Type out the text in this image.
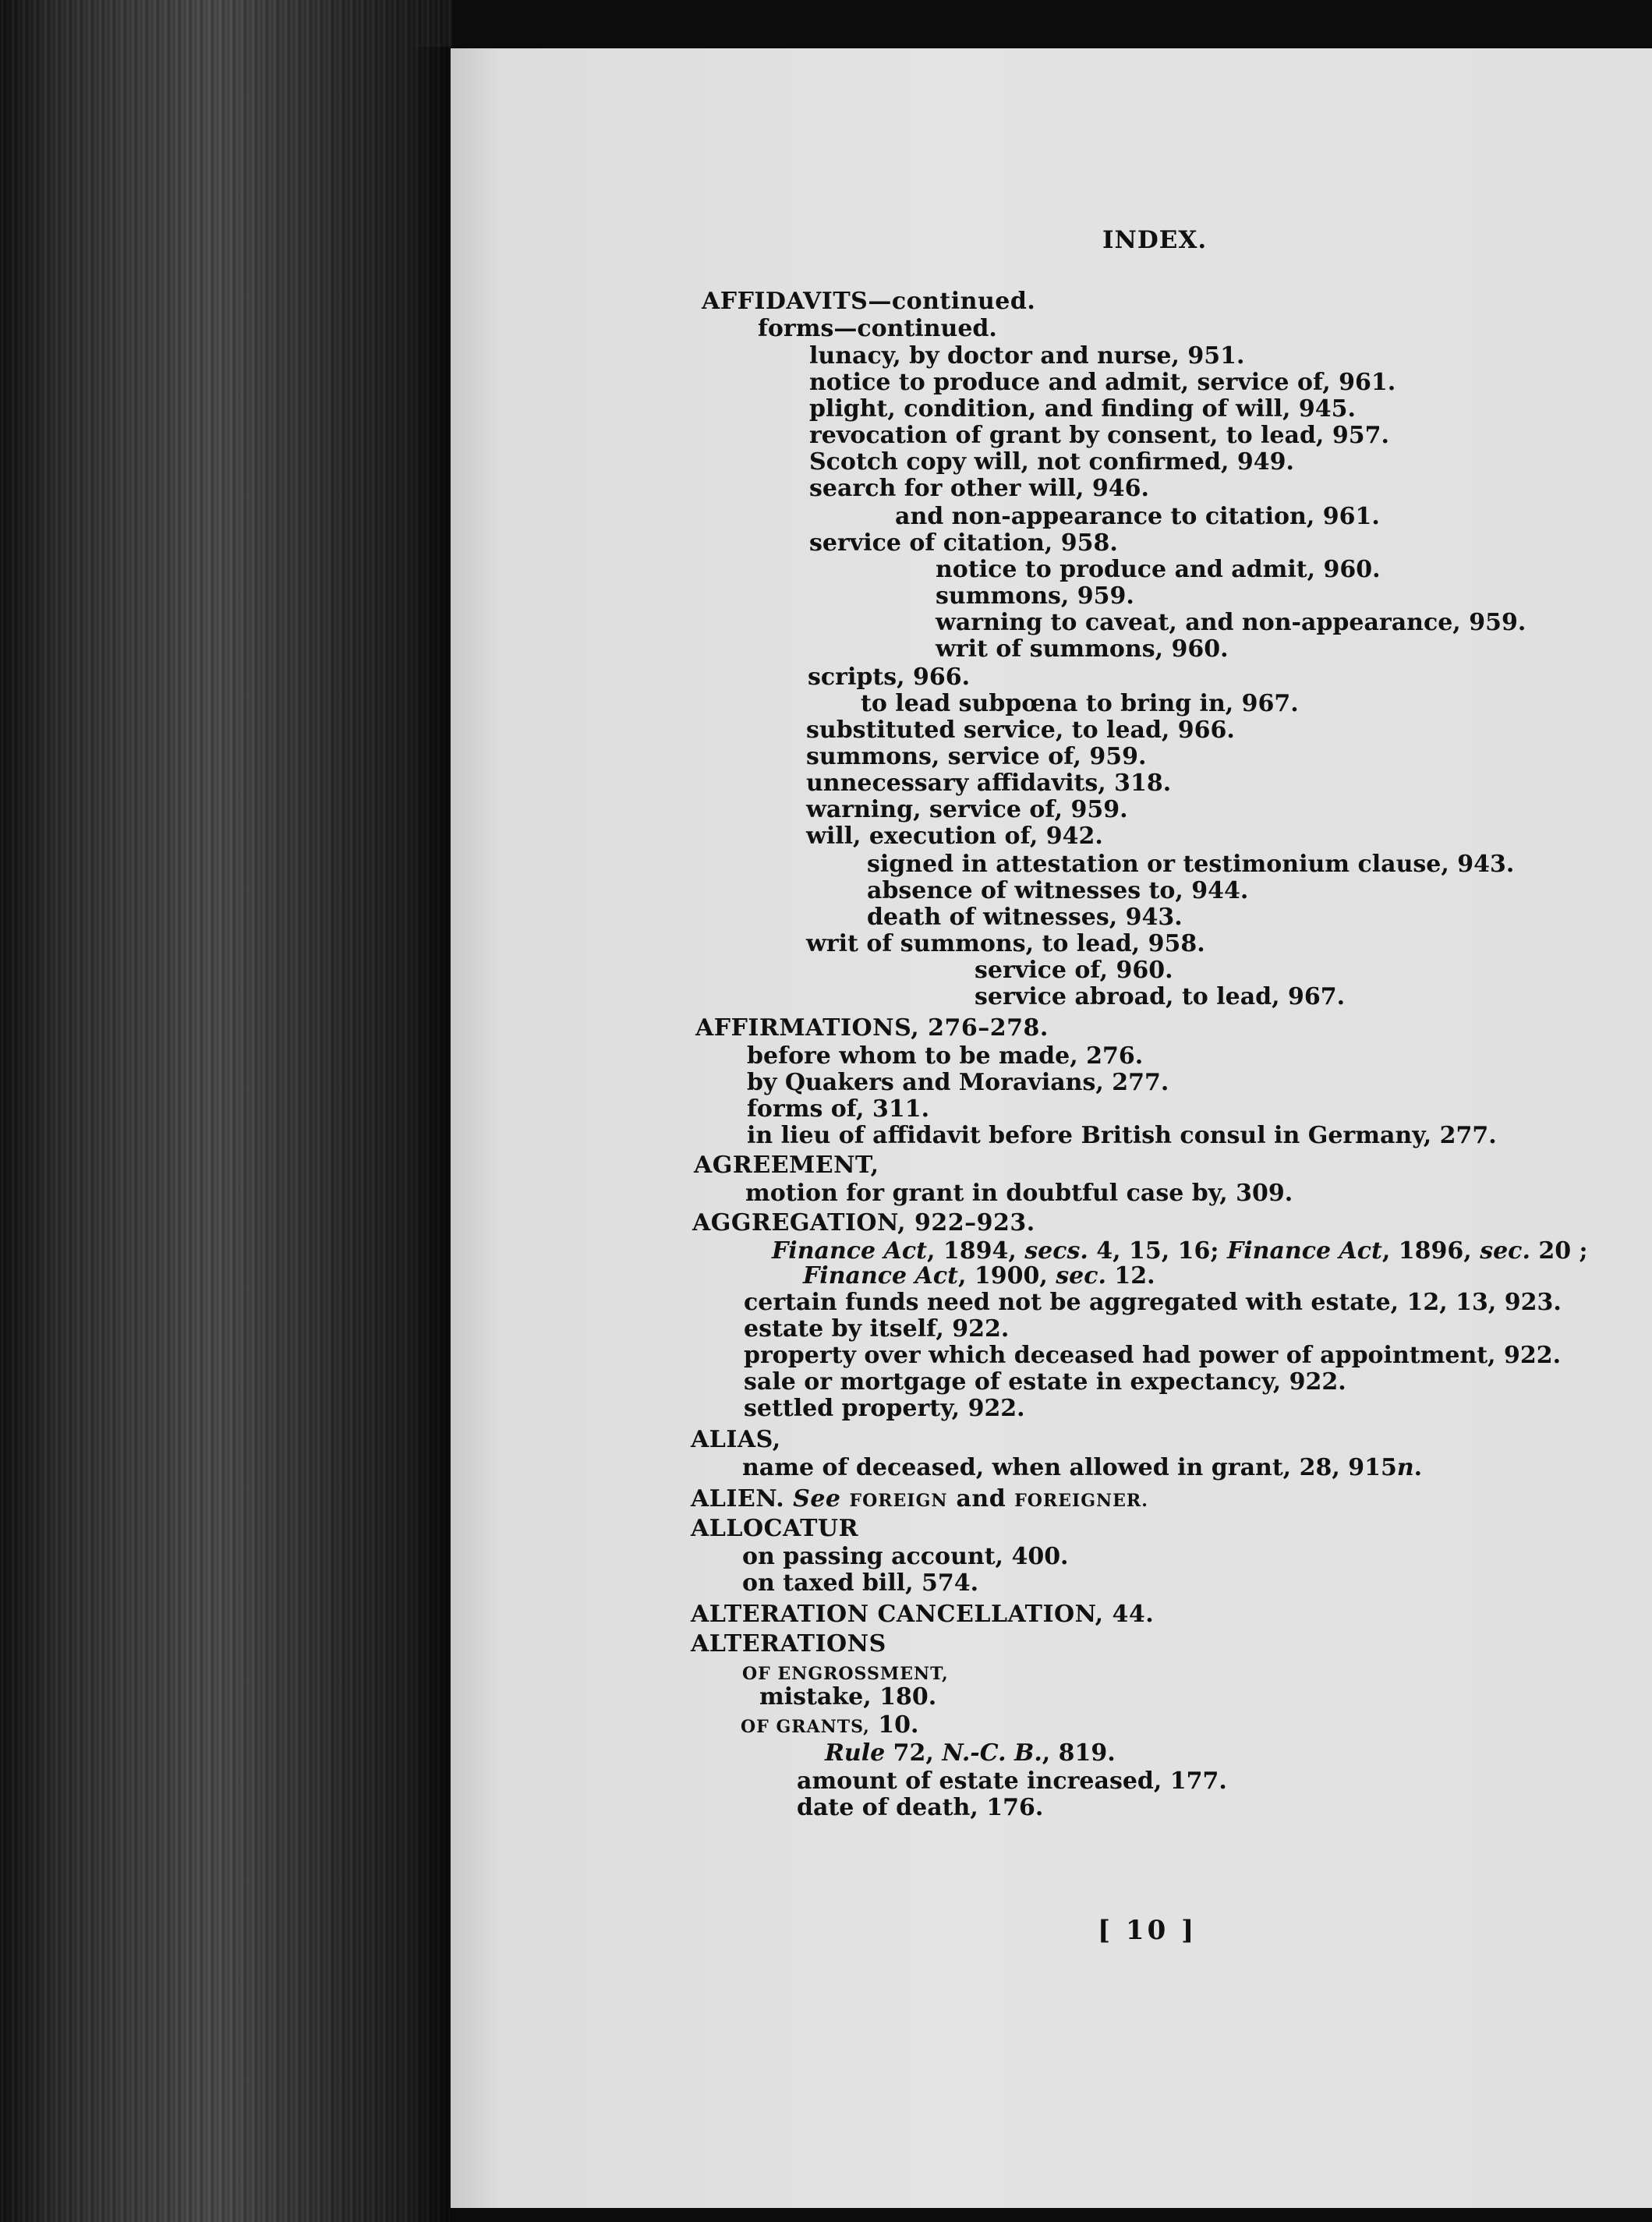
INDEX.
AFFIDAVITS—continued.
forms—continued.
lunacy, by doctor and nurse, 951.
notice to produce and admit, service of, 961.
plight, condition, and finding of will, 945.
revocation of grant by consent, to lead, 957.
Scotch copy will, not confirmed, 949.
search for other will, 946.
and non-appearance to citation, 961.
service of citation, 958.
notice to produce and admit, 960.
summons, 959.
warning to caveat, and non-appearance, 959.
writ of summons, 960.
scripts, 966.
to lead subpœna to bring in, 967.
substituted service, to lead, 966.
summons, service of, 959.
unnecessary affidavits, 318.
warning, service of, 959.
will, execution of, 942.
signed in attestation or testimonium clause, 943.
absence of witnesses to, 944.
death of witnesses, 943.
writ of summons, to lead, 958.
service of, 960.
service abroad, to lead, 967.
AFFIRMATIONS, 276–278.
before whom to be made, 276.
by Quakers and Moravians, 277.
forms of, 311.
in lieu of affidavit before British consul in Germany, 277.
AGREEMENT,
motion for grant in doubtful case by, 309.
AGGREGATION, 922–923.
Finance Act, 1894, secs. 4, 15, 16; Finance Act, 1896, sec. 20 ;
Finance Act, 1900, sec. 12.
certain funds need not be aggregated with estate, 12, 13, 923.
estate by itself, 922.
property over which deceased had power of appointment, 922.
sale or mortgage of estate in expectancy, 922.
settled property, 922.
ALIAS,
name of deceased, when allowed in grant, 28, 915n.
ALIEN. See FOREIGN and FOREIGNER.
ALLOCATUR
on passing account, 400.
on taxed bill, 574.
ALTERATION CANCELLATION, 44.
ALTERATIONS
OF ENGROSSMENT,
mistake, 180.
OF GRANTS, 10.
Rule 72, N.-C. B., 819.
amount of estate increased, 177.
date of death, 176.
[ 10 ]
